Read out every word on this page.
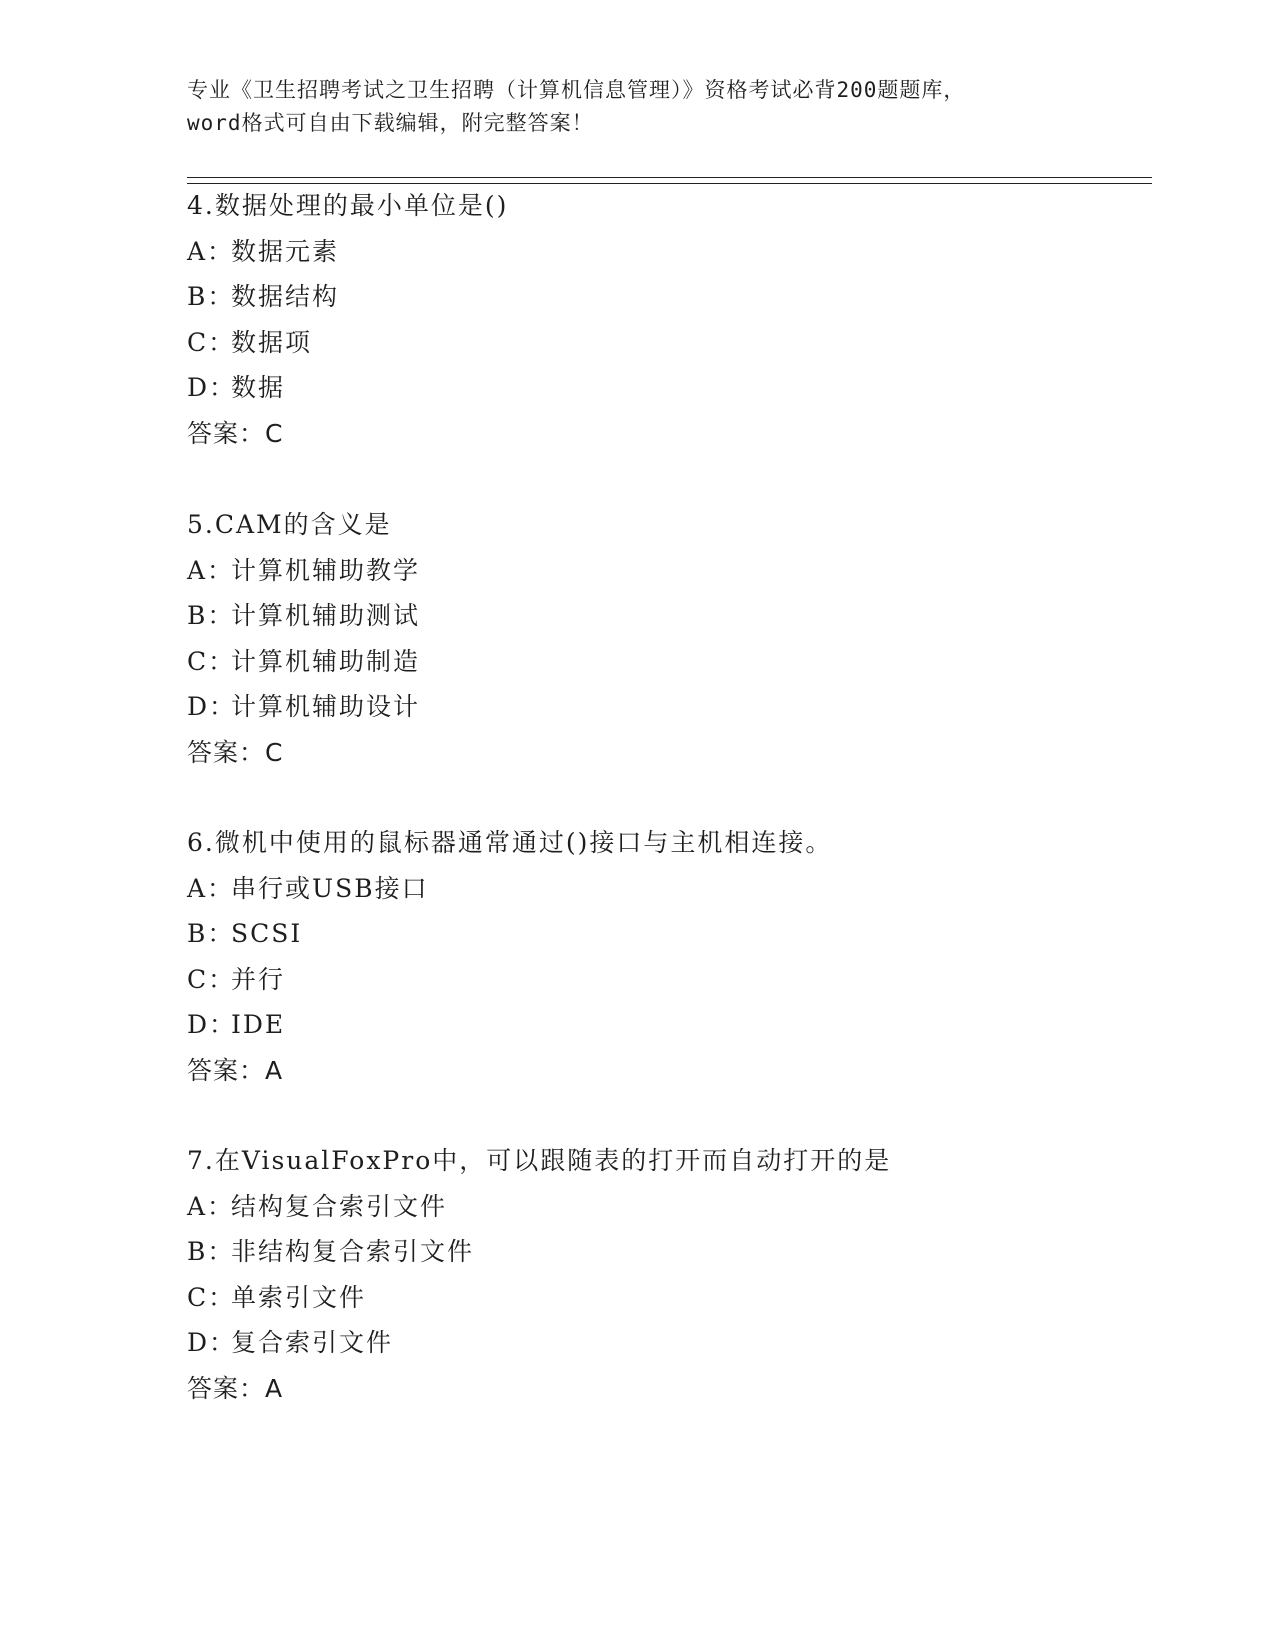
专业《卫生招聘考试之卫生招聘（计算机信息管理）》资格考试必背200题题库，
word格式可自由下载编辑，附完整答案！
4.数据处理的最小单位是()
A：数据元素
B：数据结构
C：数据项
D：数据
答案：C
5.CAM的含义是
A：计算机辅助教学
B：计算机辅助测试
C：计算机辅助制造
D：计算机辅助设计
答案：C
6.微机中使用的鼠标器通常通过()接口与主机相连接。
A：串行或USB接口
B：SCSI
C：并行
D：IDE
答案：A
7.在VisualFoxPro中，可以跟随表的打开而自动打开的是
A：结构复合索引文件
B：非结构复合索引文件
C：单索引文件
D：复合索引文件
答案：A
